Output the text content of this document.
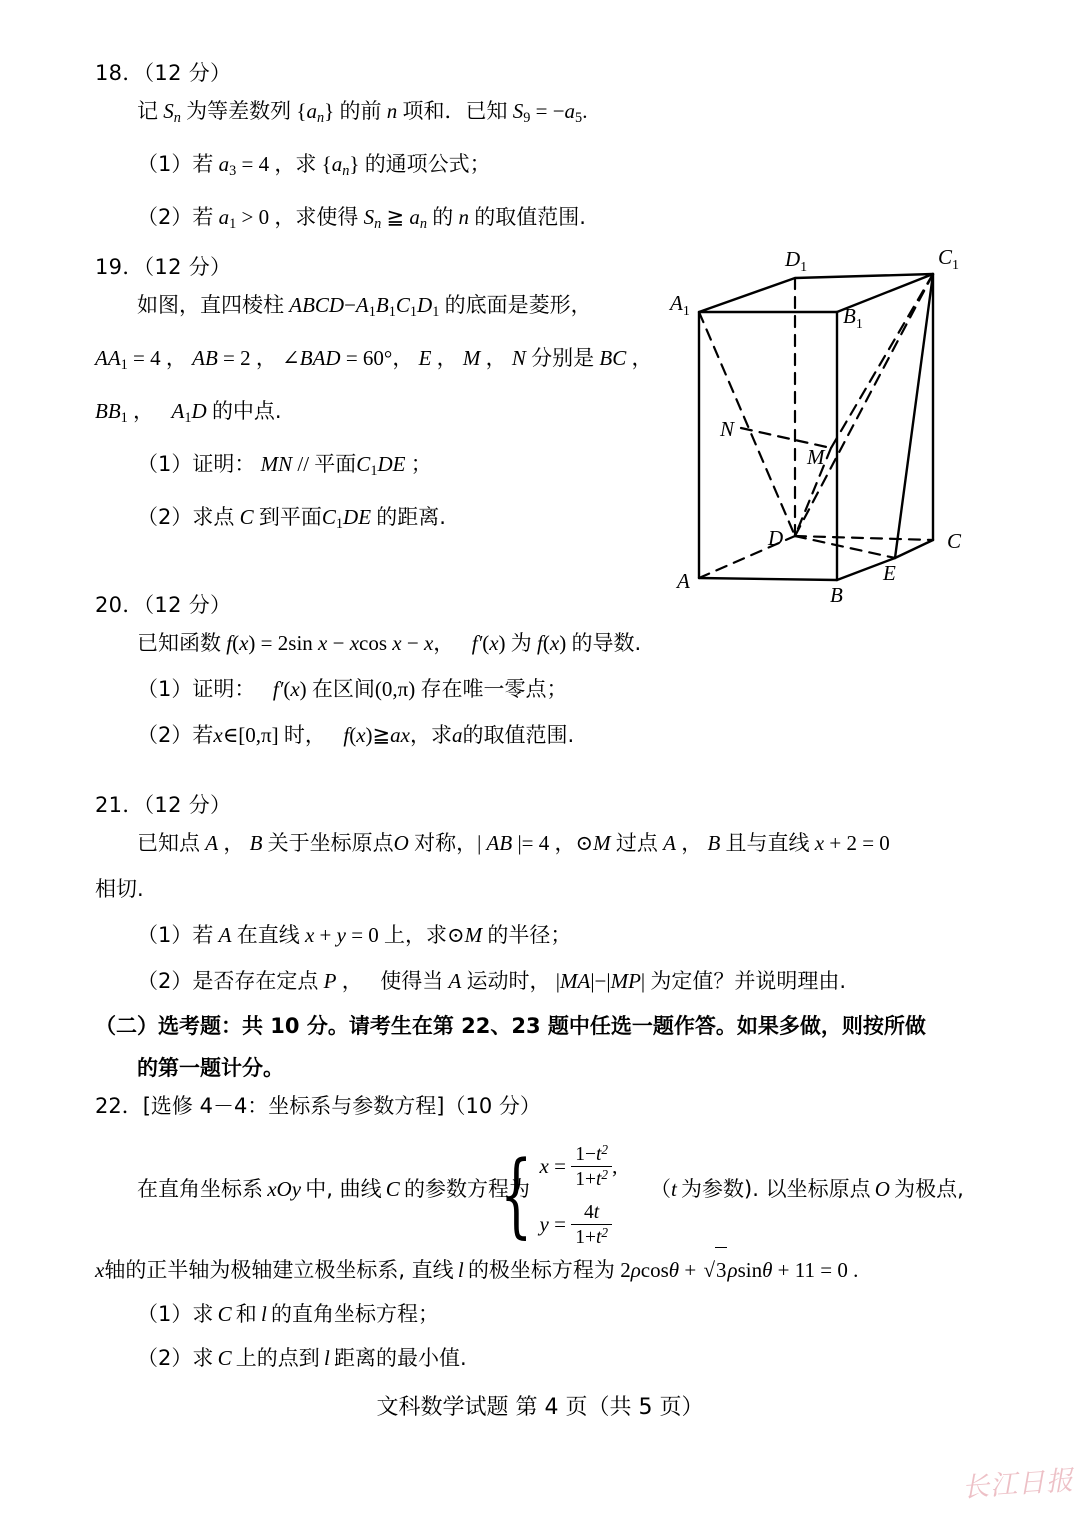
18．（12 分）
记 $S_n$ 为等差数列 $\{a_n\}$ 的前 n 项和．已知 $S_9 = -a_5$.
（1）若 $a_3 = 4$ ，求 $\{a_n\}$ 的通项公式；
（2）若 $a_1 > 0$ ，求使得 $S_n$ ≧ $a_n$ 的 n 的取值范围.
19．（12 分）
如图，直四棱柱 $ABCD-A_1B_1C_1D_1$ 的底面是菱形，
$AA_1 = 4$ ， AB = 2 ， ∠BAD = 60°， E ， M ， N 分别是 BC ，
$BB_1$ ， $A_1D$ 的中点.
（1）证明： MN // 平面$C_1DE$ ；
（2）求点 C 到平面$C_1DE$ 的距离.
$D_1$	$C_1$
$A_1$	$B_1$
N
M
D	C
A
B
E
20．（12 分）
已知函数 f(x) = 2sin x − xcos x − x， f′(x) 为 f(x) 的导数.
（1）证明： f′(x) 在区间(0,π) 存在唯一零点；
（2）若x∈[0,π] 时， f(x)≧ax，求a的取值范围.
21．（12 分）
已知点 A ， B 关于坐标原点O 对称，| AB |= 4 ，⊙M 过点 A ， B 且与直线 x + 2 = 0
相切.
（1）若 A 在直线 x + y = 0 上，求⊙M 的半径；
（2）是否存在定点 P ， 使得当 A 运动时， |MA|−|MP| 为定值？并说明理由.
（二）选考题：共 10 分。请考生在第 22、23 题中任选一题作答。如果多做，则按所做
的第一题计分。
22．[选修 4－4：坐标系与参数方程]（10 分）
在直角坐标系 xOy 中, 曲线 C 的参数方程为
{ $x = \frac{1-t^2}{1+t^2}$ ,
$y = \frac{4t}{1+t^2}$
（t 为参数). 以坐标原点 O 为极点,
x轴的正半轴为极轴建立极坐标系, 直线 l 的极坐标方程为 2ρcosθ + √3ρsinθ + 11 = 0 .
（1）求 C 和 l 的直角坐标方程；
（2）求 C 上的点到 l 距离的最小值.
文科数学试题 第 4 页（共 5 页）
长江日报
